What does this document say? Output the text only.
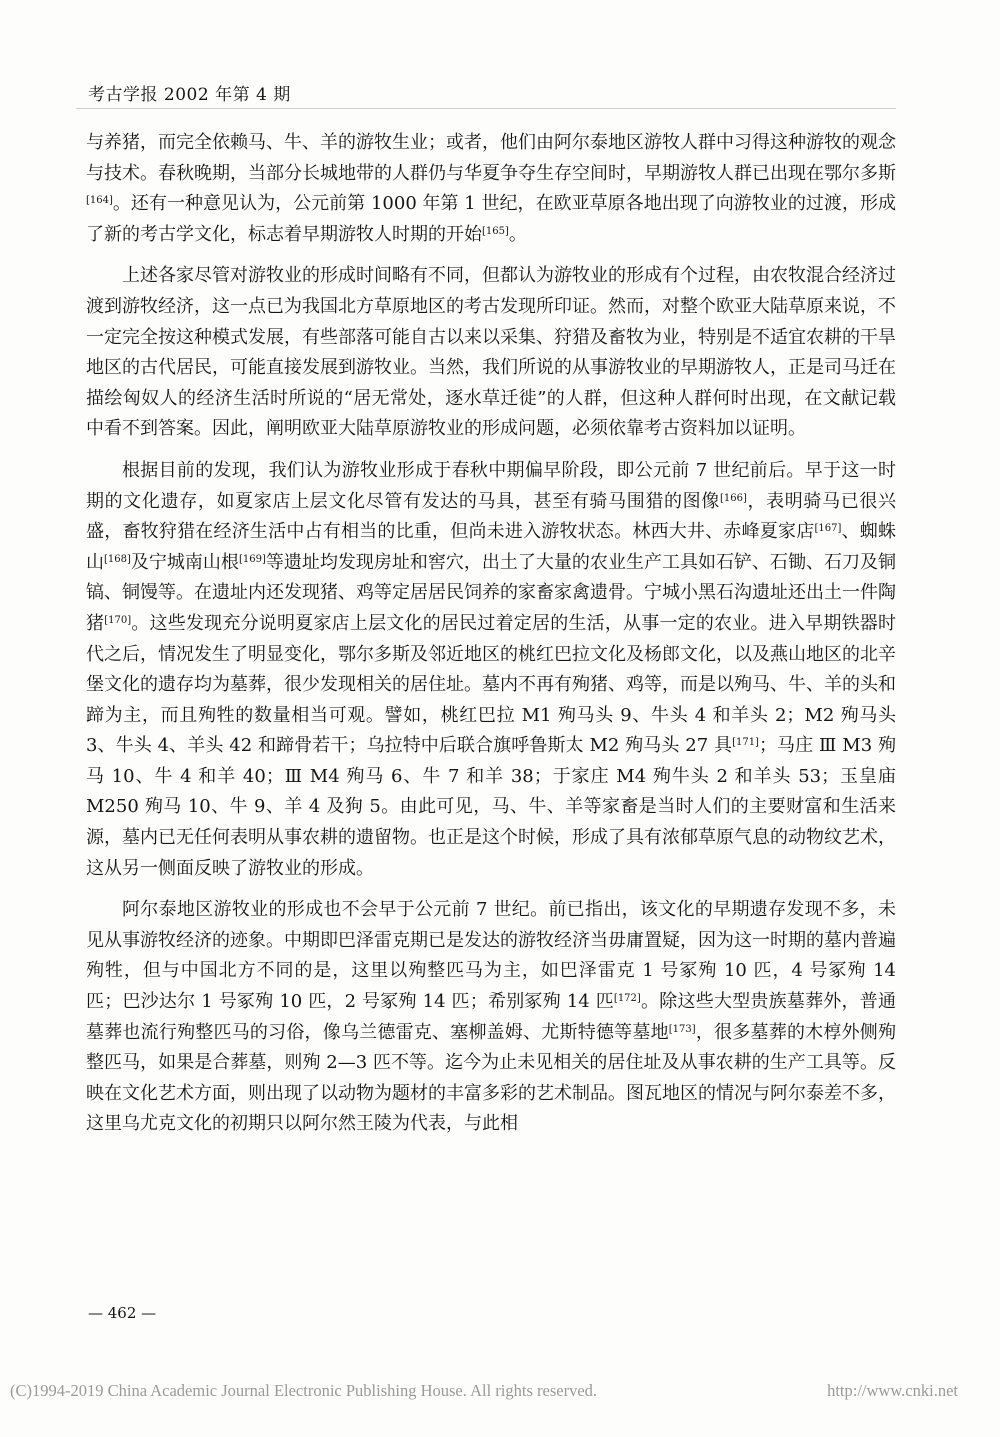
考古学报 2002 年第 4 期

与养猪，而完全依赖马、牛、羊的游牧生业；或者，他们由阿尔泰地区游牧人群中习得这种游牧的观念与技术。春秋晚期，当部分长城地带的人群仍与华夏争夺生存空间时，早期游牧人群已出现在鄂尔多斯[164]。还有一种意见认为，公元前第 1000 年第 1 世纪，在欧亚草原各地出现了向游牧业的过渡，形成了新的考古学文化，标志着早期游牧人时期的开始[165]。

上述各家尽管对游牧业的形成时间略有不同，但都认为游牧业的形成有个过程，由农牧混合经济过渡到游牧经济，这一点已为我国北方草原地区的考古发现所印证。然而，对整个欧亚大陆草原来说，不一定完全按这种模式发展，有些部落可能自古以来以采集、狩猎及畜牧为业，特别是不适宜农耕的干旱地区的古代居民，可能直接发展到游牧业。当然，我们所说的从事游牧业的早期游牧人，正是司马迁在描绘匈奴人的经济生活时所说的“居无常处，逐水草迁徙”的人群，但这种人群何时出现，在文献记载中看不到答案。因此，阐明欧亚大陆草原游牧业的形成问题，必须依靠考古资料加以证明。

根据目前的发现，我们认为游牧业形成于春秋中期偏早阶段，即公元前 7 世纪前后。早于这一时期的文化遗存，如夏家店上层文化尽管有发达的马具，甚至有骑马围猎的图像[166]，表明骑马已很兴盛，畜牧狩猎在经济生活中占有相当的比重，但尚未进入游牧状态。林西大井、赤峰夏家店[167]、蜘蛛山[168]及宁城南山根[169]等遗址均发现房址和窖穴，出土了大量的农业生产工具如石铲、石锄、石刀及铜镐、铜馒等。在遗址内还发现猪、鸡等定居居民饲养的家畜家禽遗骨。宁城小黑石沟遗址还出土一件陶猪[170]。这些发现充分说明夏家店上层文化的居民过着定居的生活，从事一定的农业。进入早期铁器时代之后，情况发生了明显变化，鄂尔多斯及邻近地区的桃红巴拉文化及杨郎文化，以及燕山地区的北辛堡文化的遗存均为墓葬，很少发现相关的居住址。墓内不再有殉猪、鸡等，而是以殉马、牛、羊的头和蹄为主，而且殉牲的数量相当可观。譬如，桃红巴拉 M1 殉马头 9、牛头 4 和羊头 2；M2 殉马头 3、牛头 4、羊头 42 和蹄骨若干；乌拉特中后联合旗呼鲁斯太 M2 殉马头 27 具[171]；马庄 Ⅲ M3 殉马 10、牛 4 和羊 40；Ⅲ M4 殉马 6、牛 7 和羊 38；于家庄 M4 殉牛头 2 和羊头 53；玉皇庙 M250 殉马 10、牛 9、羊 4 及狗 5。由此可见，马、牛、羊等家畜是当时人们的主要财富和生活来源，墓内已无任何表明从事农耕的遗留物。也正是这个时候，形成了具有浓郁草原气息的动物纹艺术，这从另一侧面反映了游牧业的形成。

阿尔泰地区游牧业的形成也不会早于公元前 7 世纪。前已指出，该文化的早期遗存发现不多，未见从事游牧经济的迹象。中期即巴泽雷克期已是发达的游牧经济当毋庸置疑，因为这一时期的墓内普遍殉牲，但与中国北方不同的是，这里以殉整匹马为主，如巴泽雷克 1 号冢殉 10 匹，4 号冢殉 14 匹；巴沙达尔 1 号冢殉 10 匹，2 号冢殉 14 匹；希别冢殉 14 匹[172]。除这些大型贵族墓葬外，普通墓葬也流行殉整匹马的习俗，像乌兰德雷克、塞柳盖姆、尤斯特德等墓地[173]，很多墓葬的木椁外侧殉整匹马，如果是合葬墓，则殉 2—3 匹不等。迄今为止未见相关的居住址及从事农耕的生产工具等。反映在文化艺术方面，则出现了以动物为题材的丰富多彩的艺术制品。图瓦地区的情况与阿尔泰差不多，这里乌尤克文化的初期只以阿尔然王陵为代表，与此相

— 462 —
(C)1994-2019 China Academic Journal Electronic Publishing House. All rights reserved.	http://www.cnki.net
